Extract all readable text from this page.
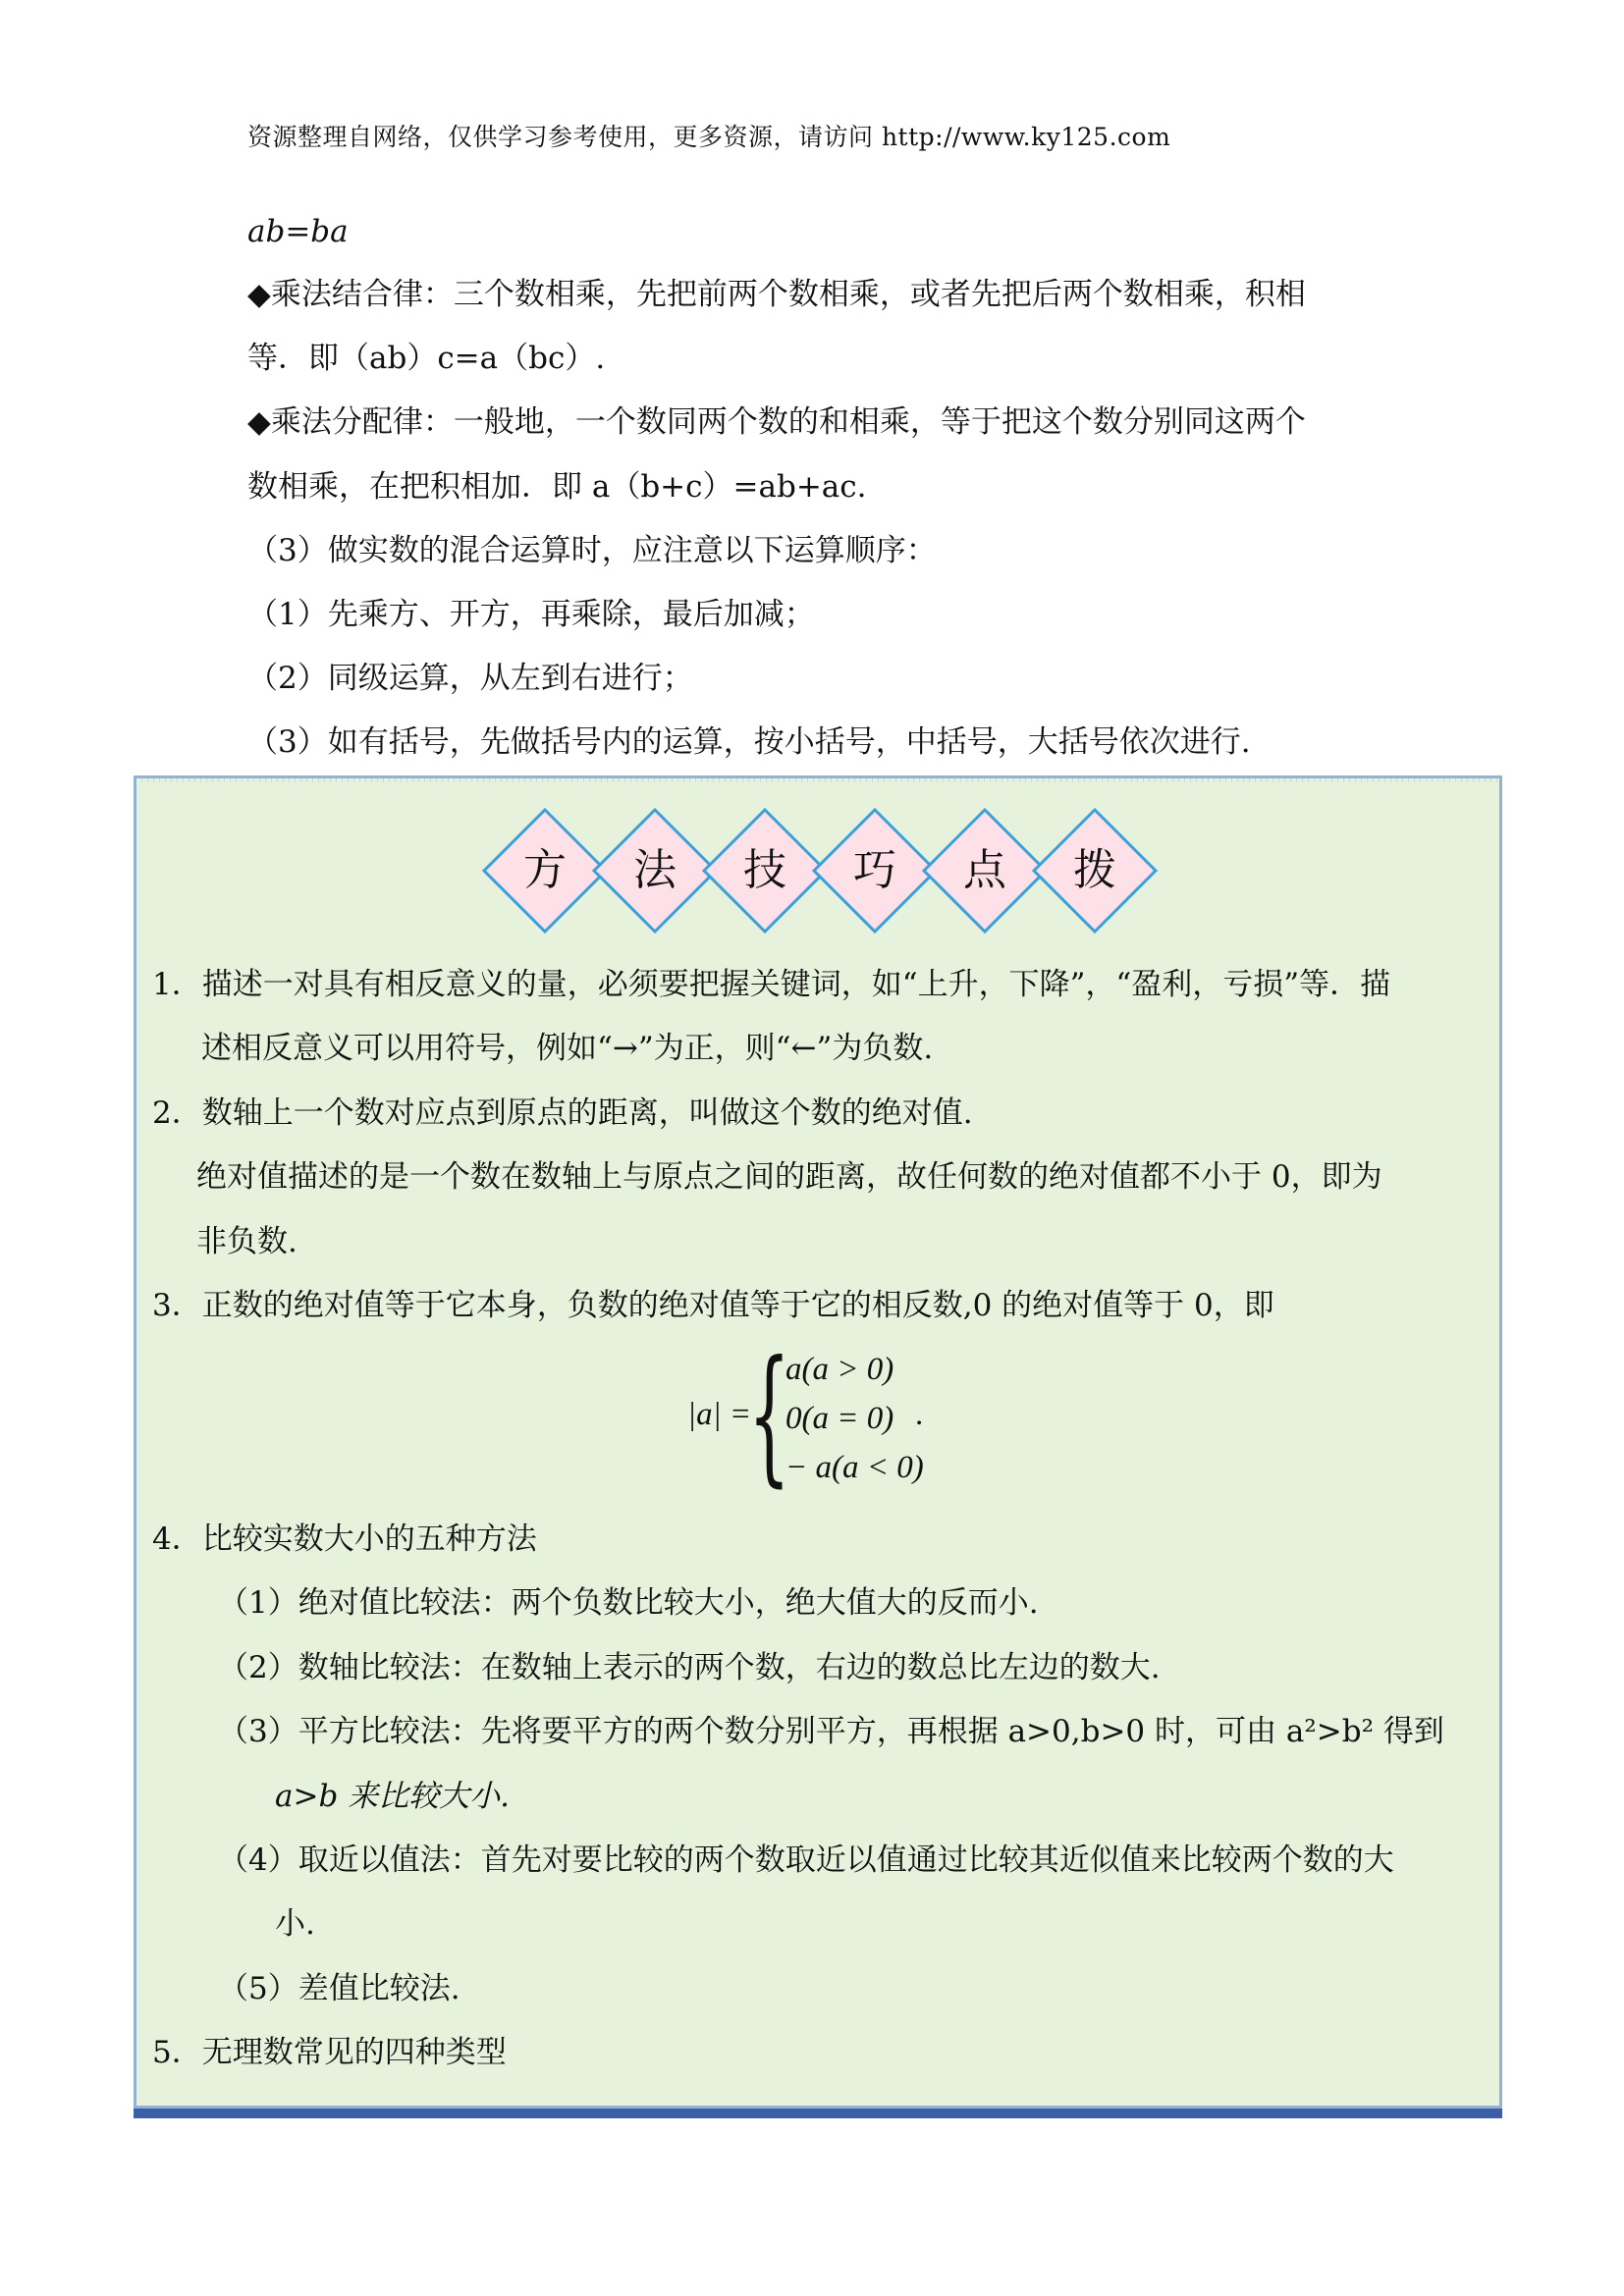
资源整理自网络，仅供学习参考使用，更多资源，请访问 http://www.ky125.com
ab=ba
◆乘法结合律：三个数相乘，先把前两个数相乘，或者先把后两个数相乘，积相
等．即（ab）c=a（bc）.
◆乘法分配律：一般地，一个数同两个数的和相乘，等于把这个数分别同这两个
数相乘，在把积相加．即 a（b+c）=ab+ac.
（3）做实数的混合运算时，应注意以下运算顺序：
（1）先乘方、开方，再乘除，最后加减；
（2）同级运算，从左到右进行；
（3）如有括号，先做括号内的运算，按小括号，中括号，大括号依次进行.
方	法	技	巧	点	拨
1．描述一对具有相反意义的量，必须要把握关键词，如“上升，下降”，“盈利，亏损”等．描
述相反意义可以用符号，例如“→”为正，则“←”为负数.
2．数轴上一个数对应点到原点的距离，叫做这个数的绝对值.
绝对值描述的是一个数在数轴上与原点之间的距离，故任何数的绝对值都不小于 0，即为
非负数.
3．正数的绝对值等于它本身，负数的绝对值等于它的相反数,0 的绝对值等于 0，即
|a| =
{
a(a > 0)
0(a = 0)
− a(a < 0)
.
4．比较实数大小的五种方法
（1）绝对值比较法：两个负数比较大小，绝大值大的反而小.
（2）数轴比较法：在数轴上表示的两个数，右边的数总比左边的数大.
（3）平方比较法：先将要平方的两个数分别平方，再根据 a>0,b>0 时，可由 a²>b² 得到
a>b 来比较大小.
（4）取近以值法：首先对要比较的两个数取近以值通过比较其近似值来比较两个数的大
小.
（5）差值比较法.
5．无理数常见的四种类型
